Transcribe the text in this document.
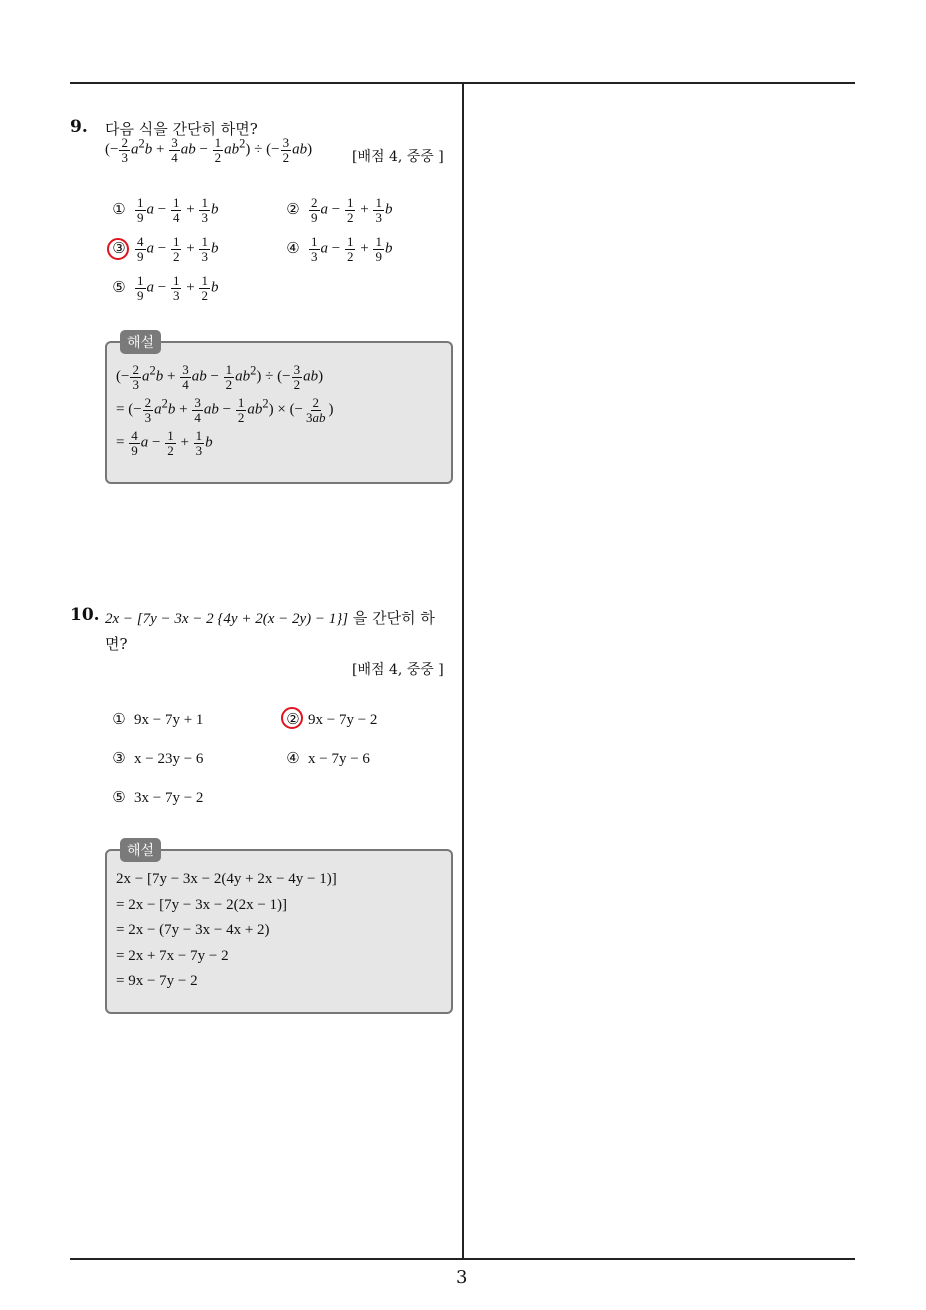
9. 다음 식을 간단히 하면?
(− $\frac{2}{3} a^2b + \frac{3}{4}$ ab − $\frac{1}{2} ab^2$) ÷ (− $\frac{3}{2} ab$)	[배점 4, 중중 ]
① $\frac{1}{9}$ $a - \frac{1}{4} + \frac{1}{3}$ b	② $\frac{2}{9}$ $a - \frac{1}{2} + \frac{1}{3}$ b
③ $\frac{4}{9}$ $a - \frac{1}{2} + \frac{1}{3}$ b	④ $\frac{1}{3}$ $a - \frac{1}{2} + \frac{1}{9}$ b
⑤ $\frac{1}{9}$ $a - \frac{1}{3} + \frac{1}{2}$ b
해설
(− $\frac{2}{3} a^2b + \frac{3}{4}$ ab − $\frac{1}{2} ab^2$) ÷ (− $\frac{3}{2} ab$)
= (− $\frac{2}{3} a^2b + \frac{3}{4}$ ab − $\frac{1}{2} ab^2$) × (− $\frac{2}{3ab}$ )
= $\frac{4}{9}$ $a - \frac{1}{2} + \frac{1}{3}$ b
10. 2x − [7y − 3x − 2 {4y + 2(x − 2y) − 1}] 을 간단히 하
면?
[배점 4, 중중 ]
① 9x − 7y + 1	② 9x − 7y − 2
③ x − 23y − 6	④ x − 7y − 6
⑤ 3x − 7y − 2
해설
2x − [7y − 3x − 2(4y + 2x − 4y − 1)]
= 2x − [7y − 3x − 2(2x − 1)]
= 2x − (7y − 3x − 4x + 2)
= 2x + 7x − 7y − 2
= 9x − 7y − 2
3
